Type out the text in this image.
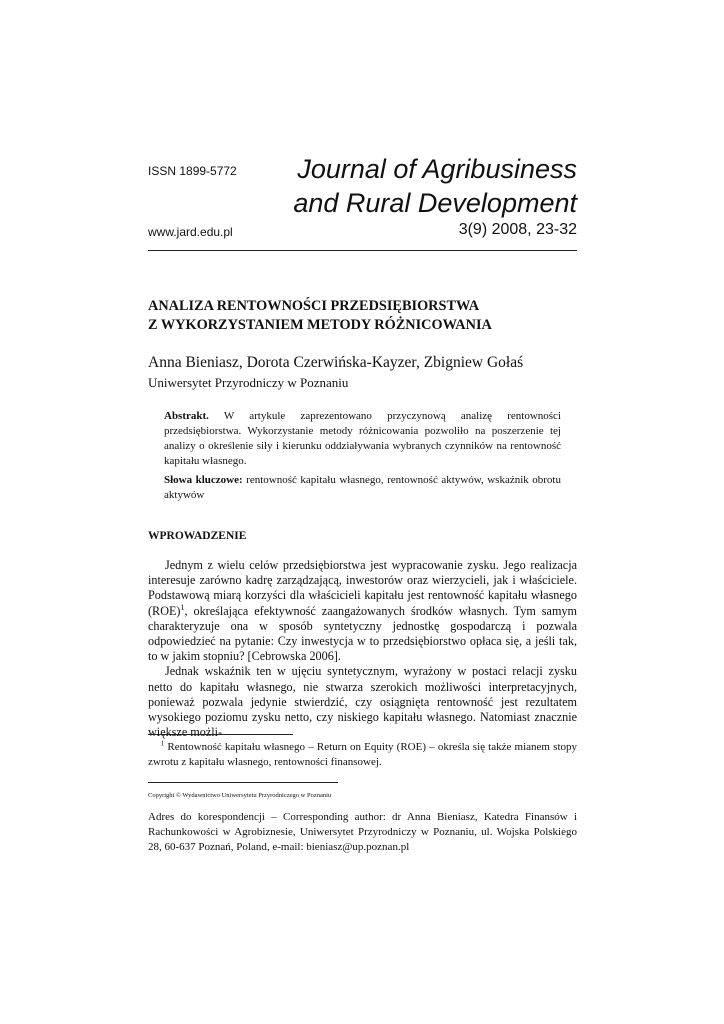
ISSN 1899-5772 Journal of Agribusiness
and Rural Development
www.jard.edu.pl	3(9) 2008, 23-32
ANALIZA RENTOWNOŚCI PRZEDSIĘBIORSTWA
Z WYKORZYSTANIEM METODY RÓŻNICOWANIA
Anna Bieniasz, Dorota Czerwińska-Kayzer, Zbigniew Gołaś
Uniwersytet Przyrodniczy w Poznaniu
Abstrakt. W artykule zaprezentowano przyczynową analizę rentowności przedsiębiorstwa. Wykorzystanie metody różnicowania pozwoliło na poszerzenie tej analizy o określenie siły i kierunku oddziaływania wybranych czynników na rentowność kapitału własnego.
Słowa kluczowe: rentowność kapitału własnego, rentowność aktywów, wskaźnik obrotu aktywów
WPROWADZENIE

Jednym z wielu celów przedsiębiorstwa jest wypracowanie zysku. Jego realizacja interesuje zarówno kadrę zarządzającą, inwestorów oraz wierzycieli, jak i właściciele. Podstawową miarą korzyści dla właścicieli kapitału jest rentowność kapitału własnego (ROE)$^1$, określająca efektywność zaangażowanych środków własnych. Tym samym charakteryzuje ona w sposób syntetyczny jednostkę gospodarczą i pozwala odpowiedzieć na pytanie: Czy inwestycja w to przedsiębiorstwo opłaca się, a jeśli tak, to w jakim stopniu? [Cebrowska 2006].

Jednak wskaźnik ten w ujęciu syntetycznym, wyrażony w postaci relacji zysku netto do kapitału własnego, nie stwarza szerokich możliwości interpretacyjnych, ponieważ pozwala jedynie stwierdzić, czy osiągnięta rentowność jest rezultatem wysokiego poziomu zysku netto, czy niskiego kapitału własnego. Natomiast znacznie większe możli-

$^1$ Rentowność kapitału własnego – Return on Equity (ROE) – określa się także mianem stopy zwrotu z kapitału własnego, rentowności finansowej.
Copyright © Wydawnictwo Uniwersytetu Przyrodniczego w Poznaniu
Adres do korespondencji – Corresponding author: dr Anna Bieniasz, Katedra Finansów i Rachunkowości w Agrobiznesie, Uniwersytet Przyrodniczy w Poznaniu, ul. Wojska Polskiego 28, 60-637 Poznań, Poland, e-mail: bieniasz@up.poznan.pl
